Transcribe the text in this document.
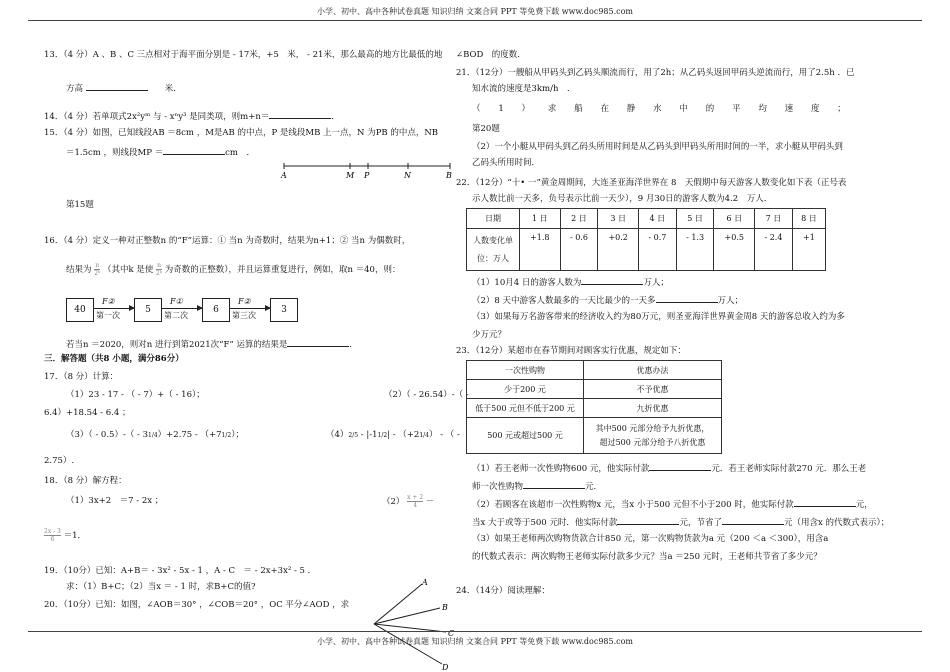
小学、初中、高中各种试卷真题 知识归纳 文案合同 PPT 等免费下载 www.doc985.com
13．（4 分）A 、B 、C 三点相对于海平面分别是 - 17米，+5　米， - 21米，那么最高的地方比最低的地
方高 　　	米．
14．（4 分）若单项式2x²yᵐ 与 - xⁿy³ 是同类项，则m+n＝	．
15．（4 分）如图，已知线段AB ＝8cm ，M是AB 的中点，P 是线段MB 上一点，N 为PB 的中点，NB
＝1.5cm ，则线段MP ＝	cm　．
A	M P	N	B
第15题
16．（4 分）定义一种对正整数n 的“F”运算：① 当n 为奇数时，结果为n+1；② 当n 为偶数时，
结果为 $\frac{n}{\text{2ᵏ}}$ （其中k 是使 $\frac{n}{\text{2ᵏ}}$ 为奇数的正整数），并且运算重复进行，例如，取n ＝40，则：
40
F②
第一次
5
F①
第二次
6
F②
第三次
3
若当n ＝2020，则对n 进行到第2021次“F” 运算的结果是	．
三．解答题（共8 小题，满分86分）
17．（8 分）计算：
（1）23 - 17 - （ - 7）+（ - 16）；	（2）（ - 26.54）-（ -
6.4）+18.54 - 6.4 ；
（3）（ - 0.5）-（ - 31/4）+2.75 - （+71/2）；	（4）2/5 - |-11/2| - （+21/4） - （ -
2.75）.
18．（8 分）解方程：
（1）3x+2　＝7 - 2x ；	$(2) \frac{x + 2}{4}$ －
$\frac{2x - 3}{6} =1$．
19．（10分）已知：A+B＝ - 3x² - 5x - 1 ，A - C　＝ - 2x+3x² - 5 ．
求：（1）B+C；（2）当x ＝ - 1 时，求B+C的值?
20．（10分）已知：如图，∠AOB＝30° ，∠COB＝20° ，OC 平分∠AOD ，求
A
B
C
D
∠BOD　的度数．
21．（12分）一艘船从甲码头到乙码头顺流而行，用了2h；从乙码头返回甲码头逆流而行，用了2.5h ．已
知水流的速度是3km/h　．
（ 1 ） 求 船 在 静 水 中 的 平 均 速 度 ；
第20题
（2）一个小艇从甲码头到乙码头所用时间是从乙码头到甲码头所用时间的一半，求小艇从甲码头到
乙码头所用时间．
22．（12分）“十• 一”黄金周期间，大连圣亚海洋世界在 8　天假期中每天游客人数变化如下表（正号表
示人数比前一天多，负号表示比前一天少），9 月30日的游客人数为4.2　万人．
日期	1 日	2 日	3 日	4 日	5 日	6 日	7 日	8 日
人数变化单
位：万人	+1.8	- 0.6	+0.2	- 0.7	- 1.3	+0.5	- 2.4	+1
（1）10月4 日的游客人数为	万人；
（2）8 天中游客人数最多的一天比最少的一天多	万人；
（3）如果每万名游客带来的经济收入约为80万元，则圣亚海洋世界黄金周8 天的游客总收入约为多
少万元？
23．（12分）某超市在春节期间对顾客实行优惠，规定如下：
一次性购物	优惠办法
少于200 元	不予优惠
低于500 元但不低于200 元	九折优惠
500 元或超过500 元	其中500 元部分给予九折优惠，
超过500 元部分给予八折优惠
（1）若王老师一次性购物600 元，他实际付款	元．若王老师实际付款270 元．那么王老
师一次性购物	元．
（2）若顾客在该超市一次性购物x 元，当x 小于500 元但不小于200 时，他实际付款	元，
当x 大于或等于500 元时．他实际付款	元，节省了	元（用含x 的代数式表示）；
（3）如果王老师两次购物货款合计850 元，第一次购物货款为a 元（200 ＜a ＜300），用含a
的代数式表示：两次购物王老师实际付款多少元？当a ＝250 元时，王老师共节省了多少元？
24．（14分）阅读理解：
小学、初中、高中各种试卷真题 知识归纳 文案合同 PPT 等免费下载 www.doc985.com
